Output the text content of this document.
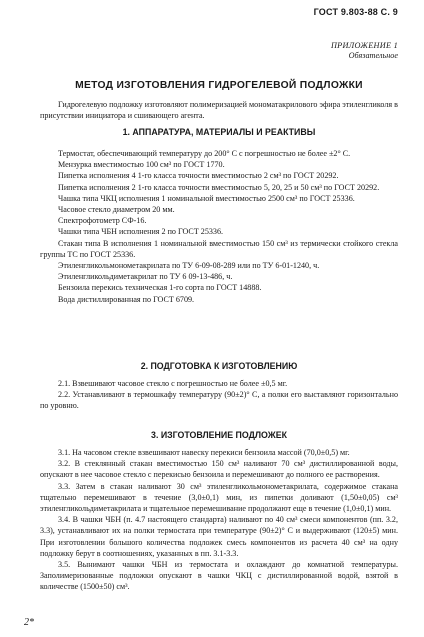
ГОСТ 9.803-88 С. 9
ПРИЛОЖЕНИЕ 1
Обязательное
МЕТОД ИЗГОТОВЛЕНИЯ ГИДРОГЕЛЕВОЙ ПОДЛОЖКИ

Гидрогелевую подложку изготовляют полимеризацией мономатакрилового эфира этиленгликоля в присутствии инициатора и сшивающего агента.

1. АППАРАТУРА, МАТЕРИАЛЫ И РЕАКТИВЫ

Термостат, обеспечивающий температуру до 200° С с погрешностью не более ±2° С.

Мензурка вместимостью 100 см³ по ГОСТ 1770.

Пипетка исполнения 4 1-го класса точности вместимостью 2 см³ по ГОСТ 20292.

Пипетка исполнения 2 1-го класса точности вместимостью 5, 20, 25 и 50 см³ по ГОСТ 20292.

Чашка типа ЧКЦ исполнения 1 номинальной вместимостью 2500 см³ по ГОСТ 25336.

Часовое стекло диаметром 20 мм.

Спектрофотометр СФ-16.

Чашки типа ЧБН исполнения 2 по ГОСТ 25336.

Стакан типа В исполнения 1 номинальной вместимостью 150 см³ из термически стойкого стекла группы ТС по ГОСТ 25336.

Этиленгликольмонометакрилата по ТУ 6-09-08-289 или по ТУ 6-01-1240, ч.

Этиленгликольдиметакрилат по ТУ 6 09-13-486, ч.

Бензоила перекись техническая 1-го сорта по ГОСТ 14888.

Вода дистиллированная по ГОСТ 6709.

2. ПОДГОТОВКА К ИЗГОТОВЛЕНИЮ

2.1. Взвешивают часовое стекло с погрешностью не более ±0,5 мг.

2.2. Устанавливают в термошкафу температуру (90±2)° С, а полки его выставляют горизонтально по уровню.

3. ИЗГОТОВЛЕНИЕ ПОДЛОЖЕК

3.1. На часовом стекле взвешивают навеску перекиси бензоила массой (70,0±0,5) мг.

3.2. В стеклянный стакан вместимостью 150 см³ наливают 70 см³ дистиллированной воды, опускают в нее часовое стекло с перекисью бензоила и перемешивают до полного ее растворения.

3.3. Затем в стакан наливают 30 см³ этиленгликольмонометакрилата, содержимое стакана тщательно перемешивают в течение (3,0±0,1) мин, из пипетки доливают (1,50±0,05) см³ этиленгликольдиметакрилата и тщательное перемешивание продолжают еще в течение (1,0±0,1) мин.

3.4. В чашки ЧБН (п. 4.7 настоящего стандарта) наливают по 40 см³ смеси компонентов (пп. 3.2, 3.3), устанавливают их на полки термостата при температуре (90±2)° С и выдерживают (120±5) мин. При изготовлении большого количества подложек смесь компонентов из расчета 40 см³ на одну подложку берут в соотношениях, указанных в пп. 3.1-3.3.

3.5. Вынимают чашки ЧБН из термостата и охлаждают до комнатной температуры. Заполимеризованные подложки опускают в чашки ЧКЦ с дистиллированной водой, взятой в количестве (1500±50) см³.

2*
